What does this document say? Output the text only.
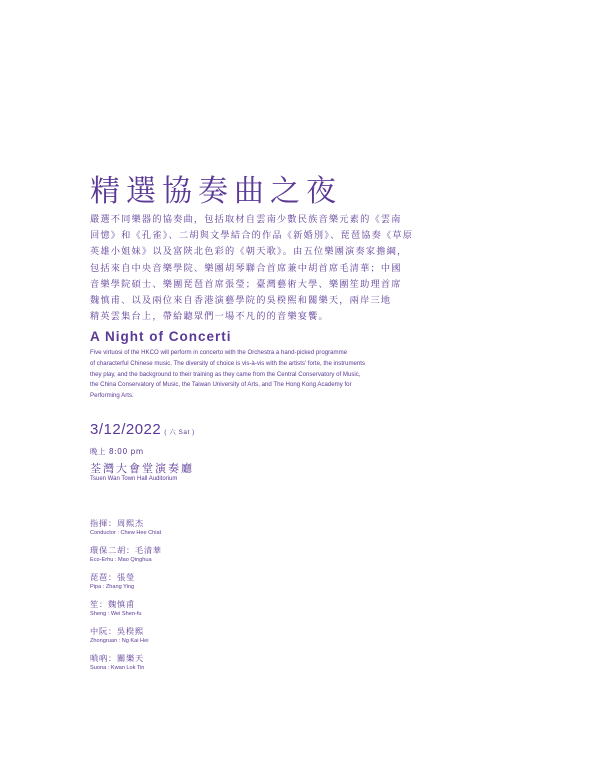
精選協奏曲之夜

嚴選不同樂器的協奏曲，包括取材自雲南少數民族音樂元素的《雲南
回憶》和《孔雀》、二胡與文學結合的作品《新婚別》、琵琶協奏《草原
英雄小姐妹》以及富陝北色彩的《朝天歌》。由五位樂團演奏家擔綱，
包括來自中央音樂學院、樂團胡琴聯合首席兼中胡首席毛清華；中國
音樂學院碩士、樂團琵琶首席張瑩；臺灣藝術大學、樂團笙助理首席
魏慎甫、以及兩位來自香港演藝學院的吳楑熙和關樂天，兩岸三地
精英雲集台上，帶給聽眾們一場不凡的的音樂宴饗。

A Night of Concerti

Five virtuosi of the HKCO will perform in concerto with the Orchestra a hand-picked programme
of characterful Chinese music. The diversity of choice is vis-à-vis with the artists' forte, the instruments
they play, and the background to their training as they came from the Central Conservatory of Music,
the China Conservatory of Music, the Taiwan University of Arts, and The Hong Kong Academy for
Performing Arts.

3/12/2022 ( 六 Sat )
晚上 8:00 pm
荃灣大會堂演奏廳
Tsuen Wan Town Hall Auditorium
指揮：周熙杰
Conductor : Chew Hee Chiat
環保二胡：毛清華
Eco-Erhu : Mao Qinghua
琵琶：張瑩
Pipa : Zhang Ying
笙：魏慎甫
Sheng : Wei Shen-fu
中阮：吳楑熙
Zhongruan : Ng Kai Hei
嗩吶：關樂天
Suona : Kwan Lok Tin
